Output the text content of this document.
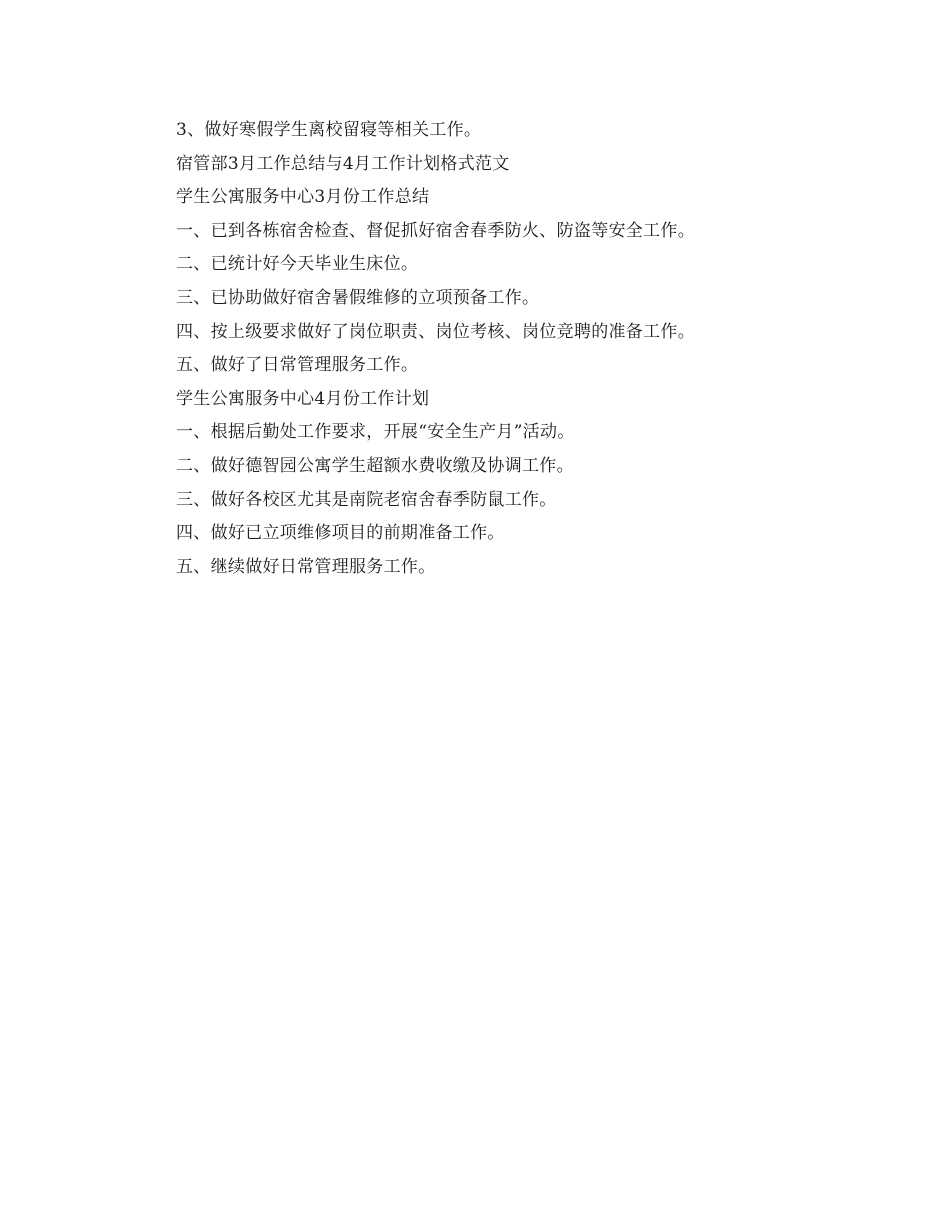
3、做好寒假学生离校留寝等相关工作。
宿管部3月工作总结与4月工作计划格式范文
学生公寓服务中心3月份工作总结
一、已到各栋宿舍检查、督促抓好宿舍春季防火、防盗等安全工作。
二、已统计好今天毕业生床位。
三、已协助做好宿舍暑假维修的立项预备工作。
四、按上级要求做好了岗位职责、岗位考核、岗位竞聘的准备工作。
五、做好了日常管理服务工作。
学生公寓服务中心4月份工作计划
一、根据后勤处工作要求，开展“安全生产月”活动。
二、做好德智园公寓学生超额水费收缴及协调工作。
三、做好各校区尤其是南院老宿舍春季防鼠工作。
四、做好已立项维修项目的前期准备工作。
五、继续做好日常管理服务工作。
